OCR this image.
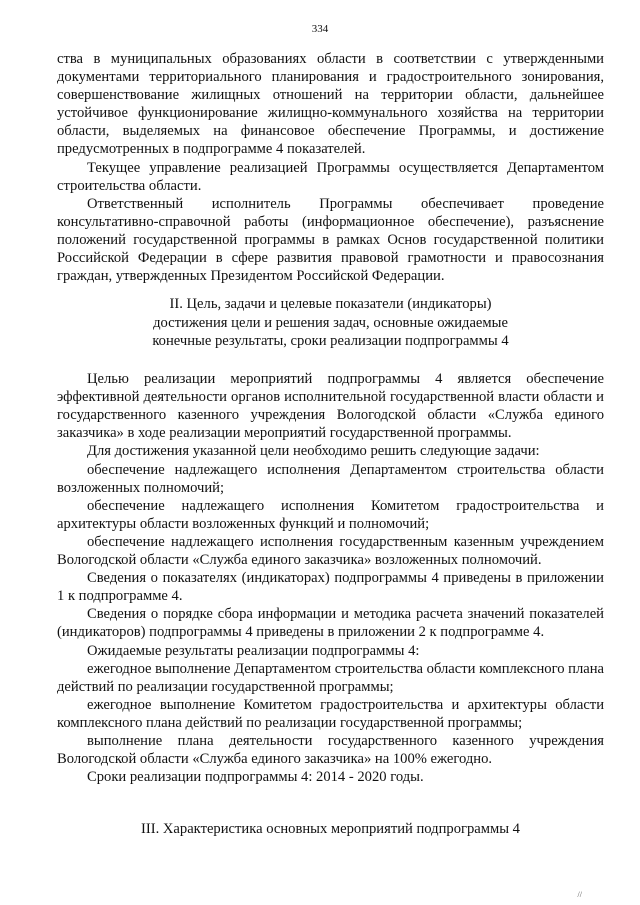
334

ства в муниципальных образованиях области в соответствии с утвержденными документами территориального планирования и градостроительного зонирования, совершенствование жилищных отношений на территории области, дальнейшее устойчивое функционирование жилищно-коммунального хозяйства на территории области, выделяемых на финансовое обеспечение Программы, и достижение предусмотренных в подпрограмме 4 показателей.

Текущее управление реализацией Программы осуществляется Департаментом строительства области.

Ответственный исполнитель Программы обеспечивает проведение консультативно-справочной работы (информационное обеспечение), разъяснение положений государственной программы в рамках Основ государственной политики Российской Федерации в сфере развития правовой грамотности и правосознания граждан, утвержденных Президентом Российской Федерации.

II. Цель, задачи и целевые показатели (индикаторы)
достижения цели и решения задач, основные ожидаемые
конечные результаты, сроки реализации подпрограммы 4

Целью реализации мероприятий подпрограммы 4 является обеспечение эффективной деятельности органов исполнительной государственной власти области и государственного казенного учреждения Вологодской области «Служба единого заказчика» в ходе реализации мероприятий государственной программы.

Для достижения указанной цели необходимо решить следующие задачи:

обеспечение надлежащего исполнения Департаментом строительства области возложенных полномочий;

обеспечение надлежащего исполнения Комитетом градостроительства и архитектуры области возложенных функций и полномочий;

обеспечение надлежащего исполнения государственным казенным учреждением Вологодской области «Служба единого заказчика» возложенных полномочий.

Сведения о показателях (индикаторах) подпрограммы 4 приведены в приложении 1 к подпрограмме 4.

Сведения о порядке сбора информации и методика расчета значений показателей (индикаторов) подпрограммы 4 приведены в приложении 2 к подпрограмме 4.

Ожидаемые результаты реализации подпрограммы 4:

ежегодное выполнение Департаментом строительства области комплексного плана действий по реализации государственной программы;

ежегодное выполнение Комитетом градостроительства и архитектуры области комплексного плана действий по реализации государственной программы;

выполнение плана деятельности государственного казенного учреждения Вологодской области «Служба единого заказчика» на 100% ежегодно.

Сроки реализации подпрограммы 4: 2014 - 2020 годы.

III. Характеристика основных мероприятий подпрограммы 4
//
